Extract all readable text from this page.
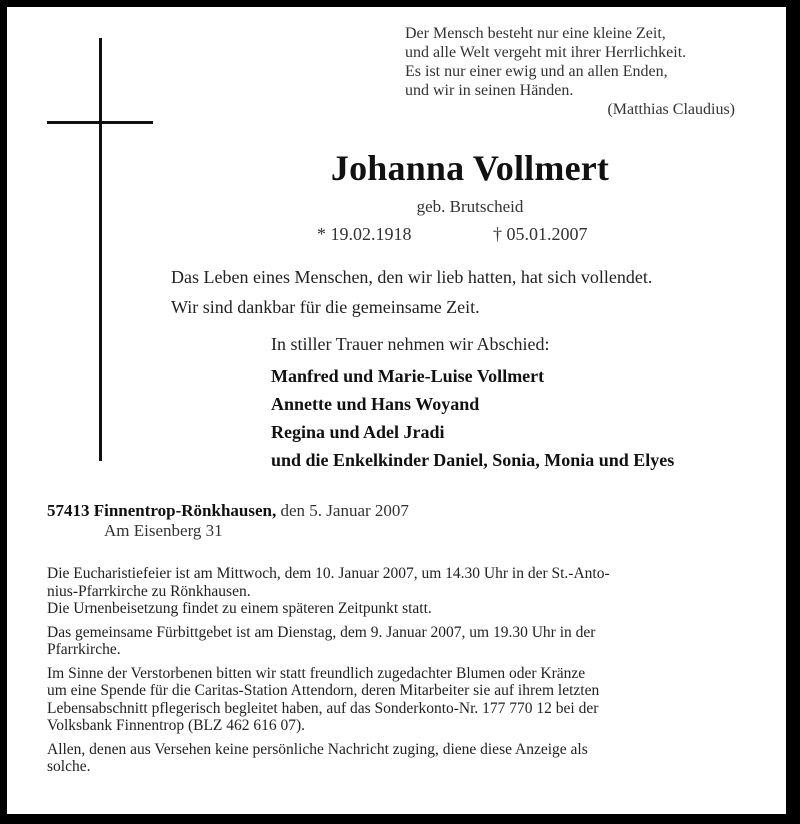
Der Mensch besteht nur eine kleine Zeit,
und alle Welt vergeht mit ihrer Herrlichkeit.
Es ist nur einer ewig und an allen Enden,
und wir in seinen Händen.
(Matthias Claudius)
Johanna Vollmert
geb. Brutscheid
* 19.02.1918	† 05.01.2007
Das Leben eines Menschen, den wir lieb hatten, hat sich vollendet.
Wir sind dankbar für die gemeinsame Zeit.
In stiller Trauer nehmen wir Abschied:
Manfred und Marie-Luise Vollmert
Annette und Hans Woyand
Regina und Adel Jradi
und die Enkelkinder Daniel, Sonia, Monia und Elyes
57413 Finnentrop-Rönkhausen, den 5. Januar 2007
Am Eisenberg 31

Die Eucharistiefeier ist am Mittwoch, dem 10. Januar 2007, um 14.30 Uhr in der St.-Anto-
nius-Pfarrkirche zu Rönkhausen.
Die Urnenbeisetzung findet zu einem späteren Zeitpunkt statt.

Das gemeinsame Fürbittgebet ist am Dienstag, dem 9. Januar 2007, um 19.30 Uhr in der
Pfarrkirche.

Im Sinne der Verstorbenen bitten wir statt freundlich zugedachter Blumen oder Kränze
um eine Spende für die Caritas-Station Attendorn, deren Mitarbeiter sie auf ihrem letzten
Lebensabschnitt pflegerisch begleitet haben, auf das Sonderkonto-Nr. 177 770 12 bei der
Volksbank Finnentrop (BLZ 462 616 07).

Allen, denen aus Versehen keine persönliche Nachricht zuging, diene diese Anzeige als
solche.
